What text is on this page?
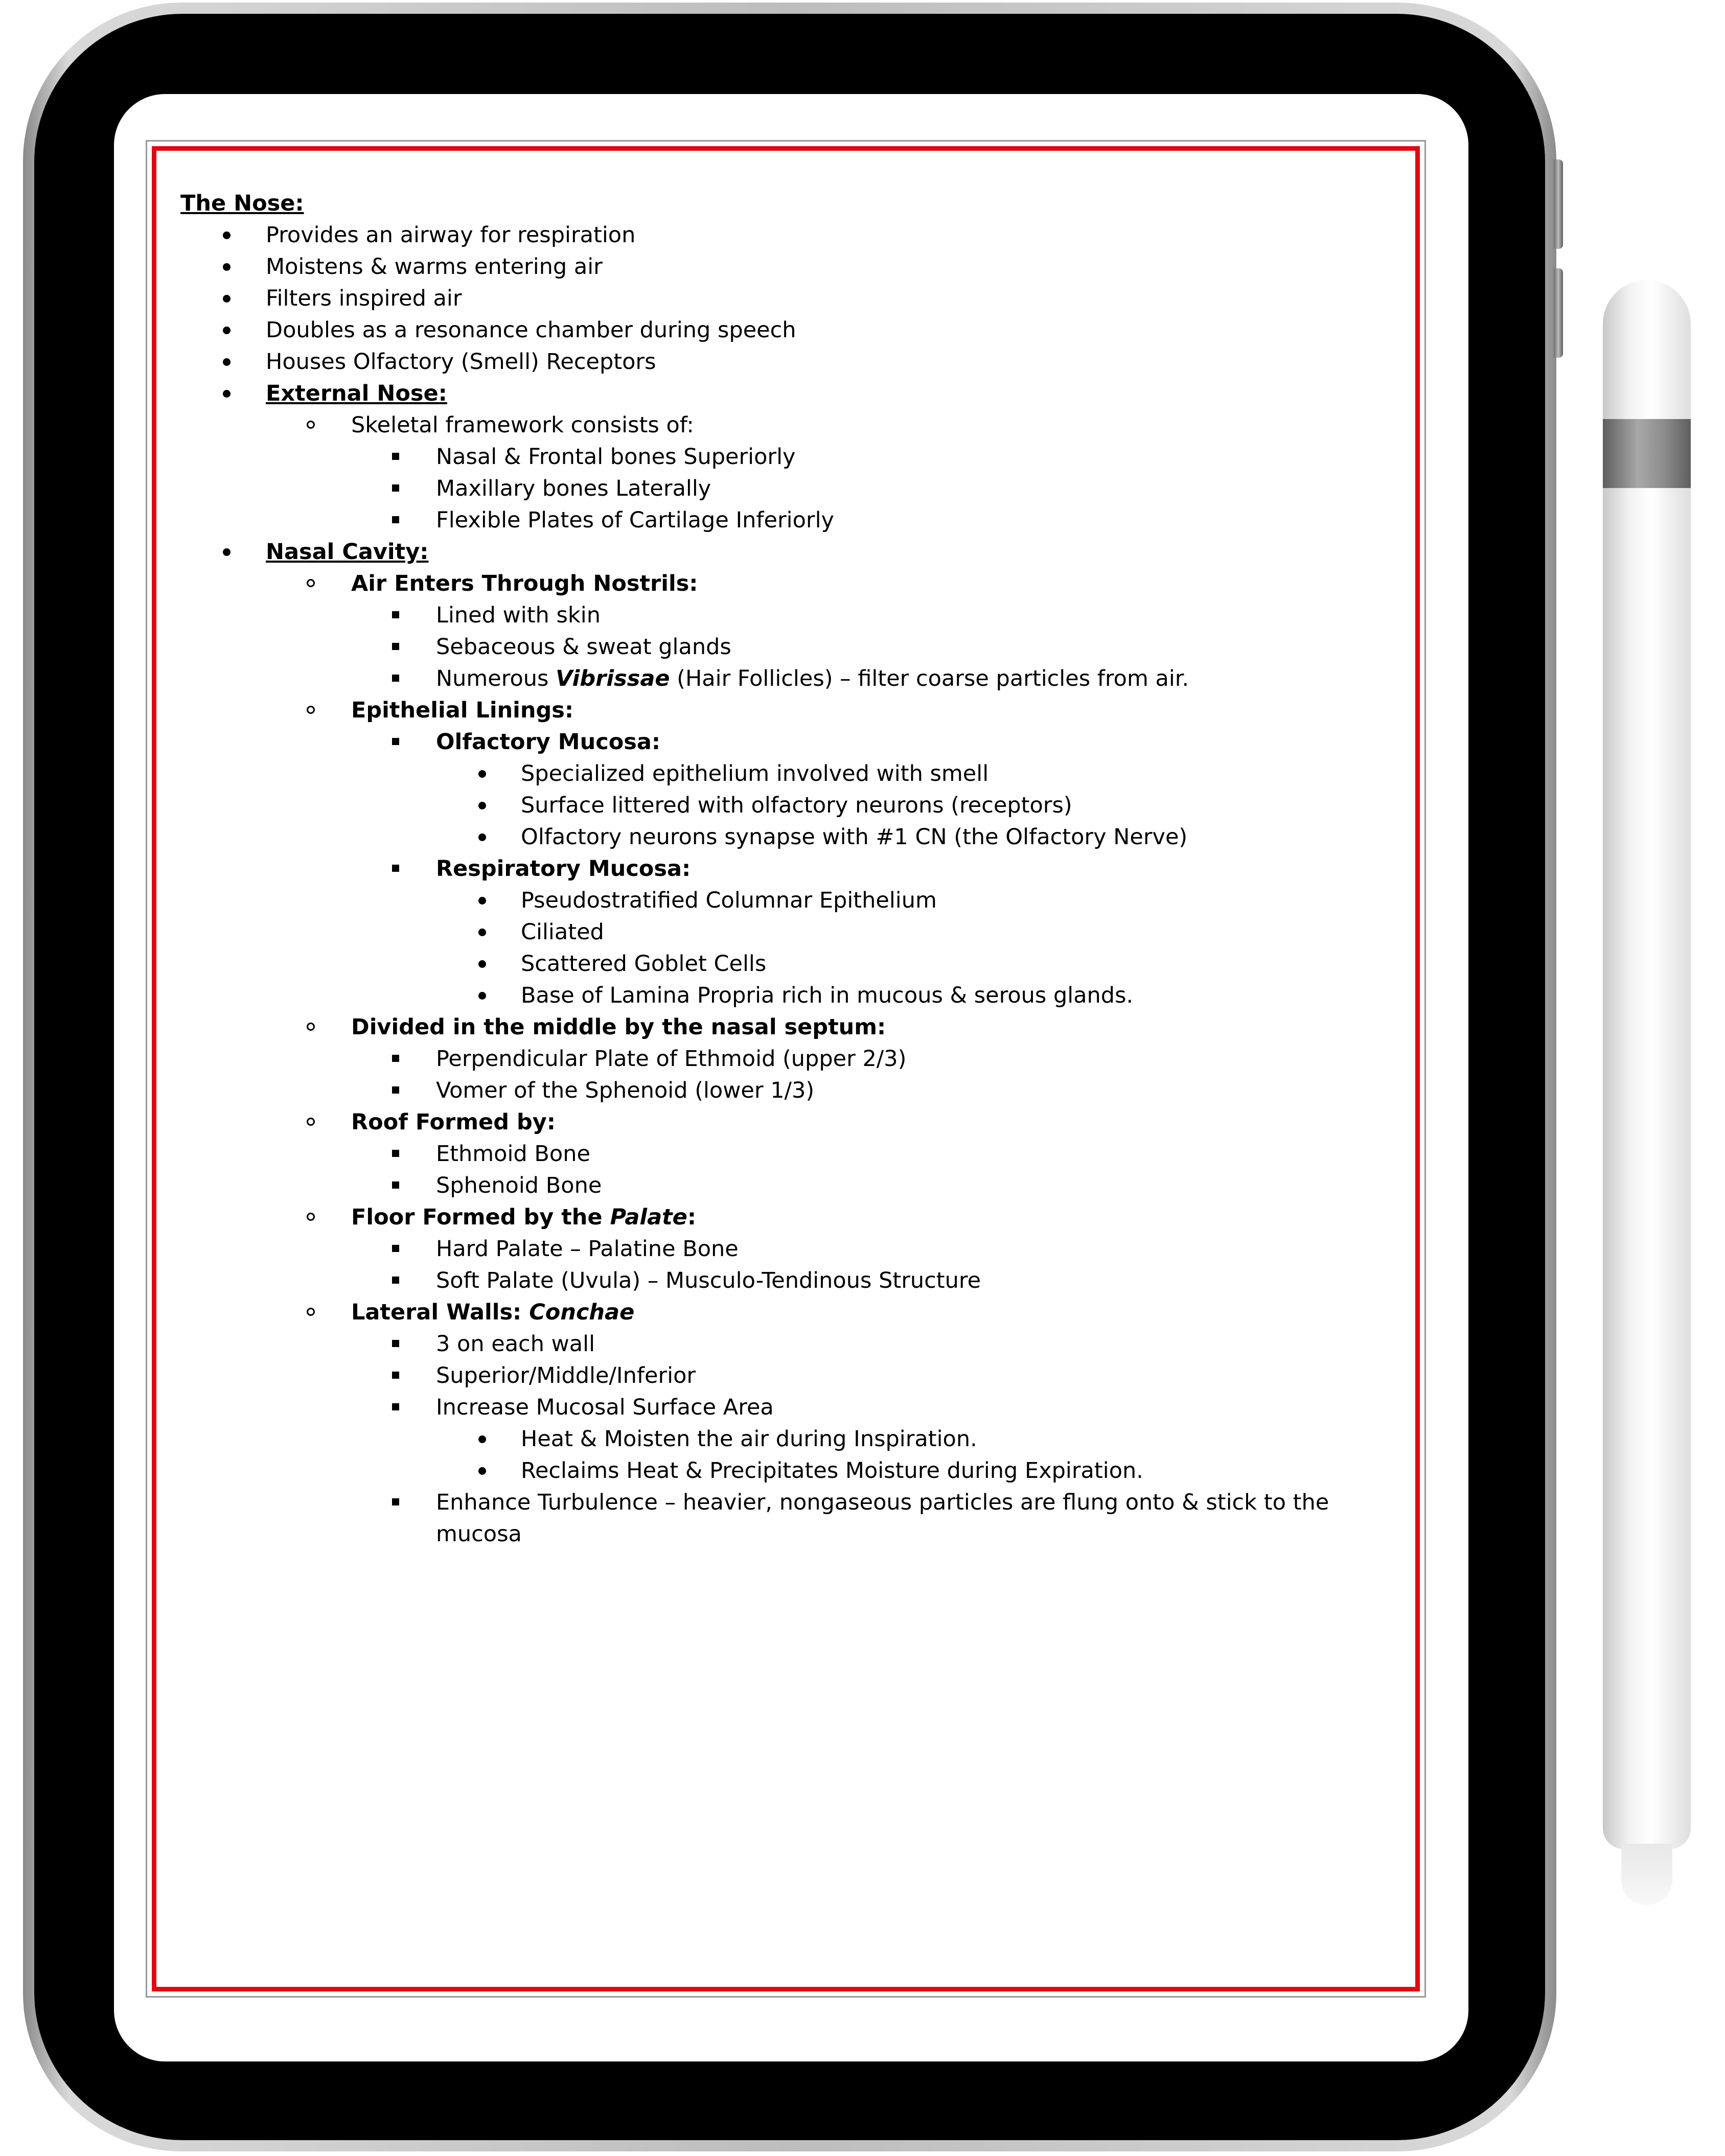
The Nose:
Provides an airway for respiration
Moistens & warms entering air
Filters inspired air
Doubles as a resonance chamber during speech
Houses Olfactory (Smell) Receptors
External Nose:
Skeletal framework consists of:
Nasal & Frontal bones Superiorly
Maxillary bones Laterally
Flexible Plates of Cartilage Inferiorly
Nasal Cavity:
Air Enters Through Nostrils:
Lined with skin
Sebaceous & sweat glands
Numerous Vibrissae (Hair Follicles) – filter coarse particles from air.
Epithelial Linings:
Olfactory Mucosa:
Specialized epithelium involved with smell
Surface littered with olfactory neurons (receptors)
Olfactory neurons synapse with #1 CN (the Olfactory Nerve)
Respiratory Mucosa:
Pseudostratified Columnar Epithelium
Ciliated
Scattered Goblet Cells
Base of Lamina Propria rich in mucous & serous glands.
Divided in the middle by the nasal septum:
Perpendicular Plate of Ethmoid (upper 2/3)
Vomer of the Sphenoid (lower 1/3)
Roof Formed by:
Ethmoid Bone
Sphenoid Bone
Floor Formed by the Palate:
Hard Palate – Palatine Bone
Soft Palate (Uvula) – Musculo-Tendinous Structure
Lateral Walls: Conchae
3 on each wall
Superior/Middle/Inferior
Increase Mucosal Surface Area
Heat & Moisten the air during Inspiration.
Reclaims Heat & Precipitates Moisture during Expiration.
Enhance Turbulence – heavier, nongaseous particles are flung onto & stick to the mucosa
